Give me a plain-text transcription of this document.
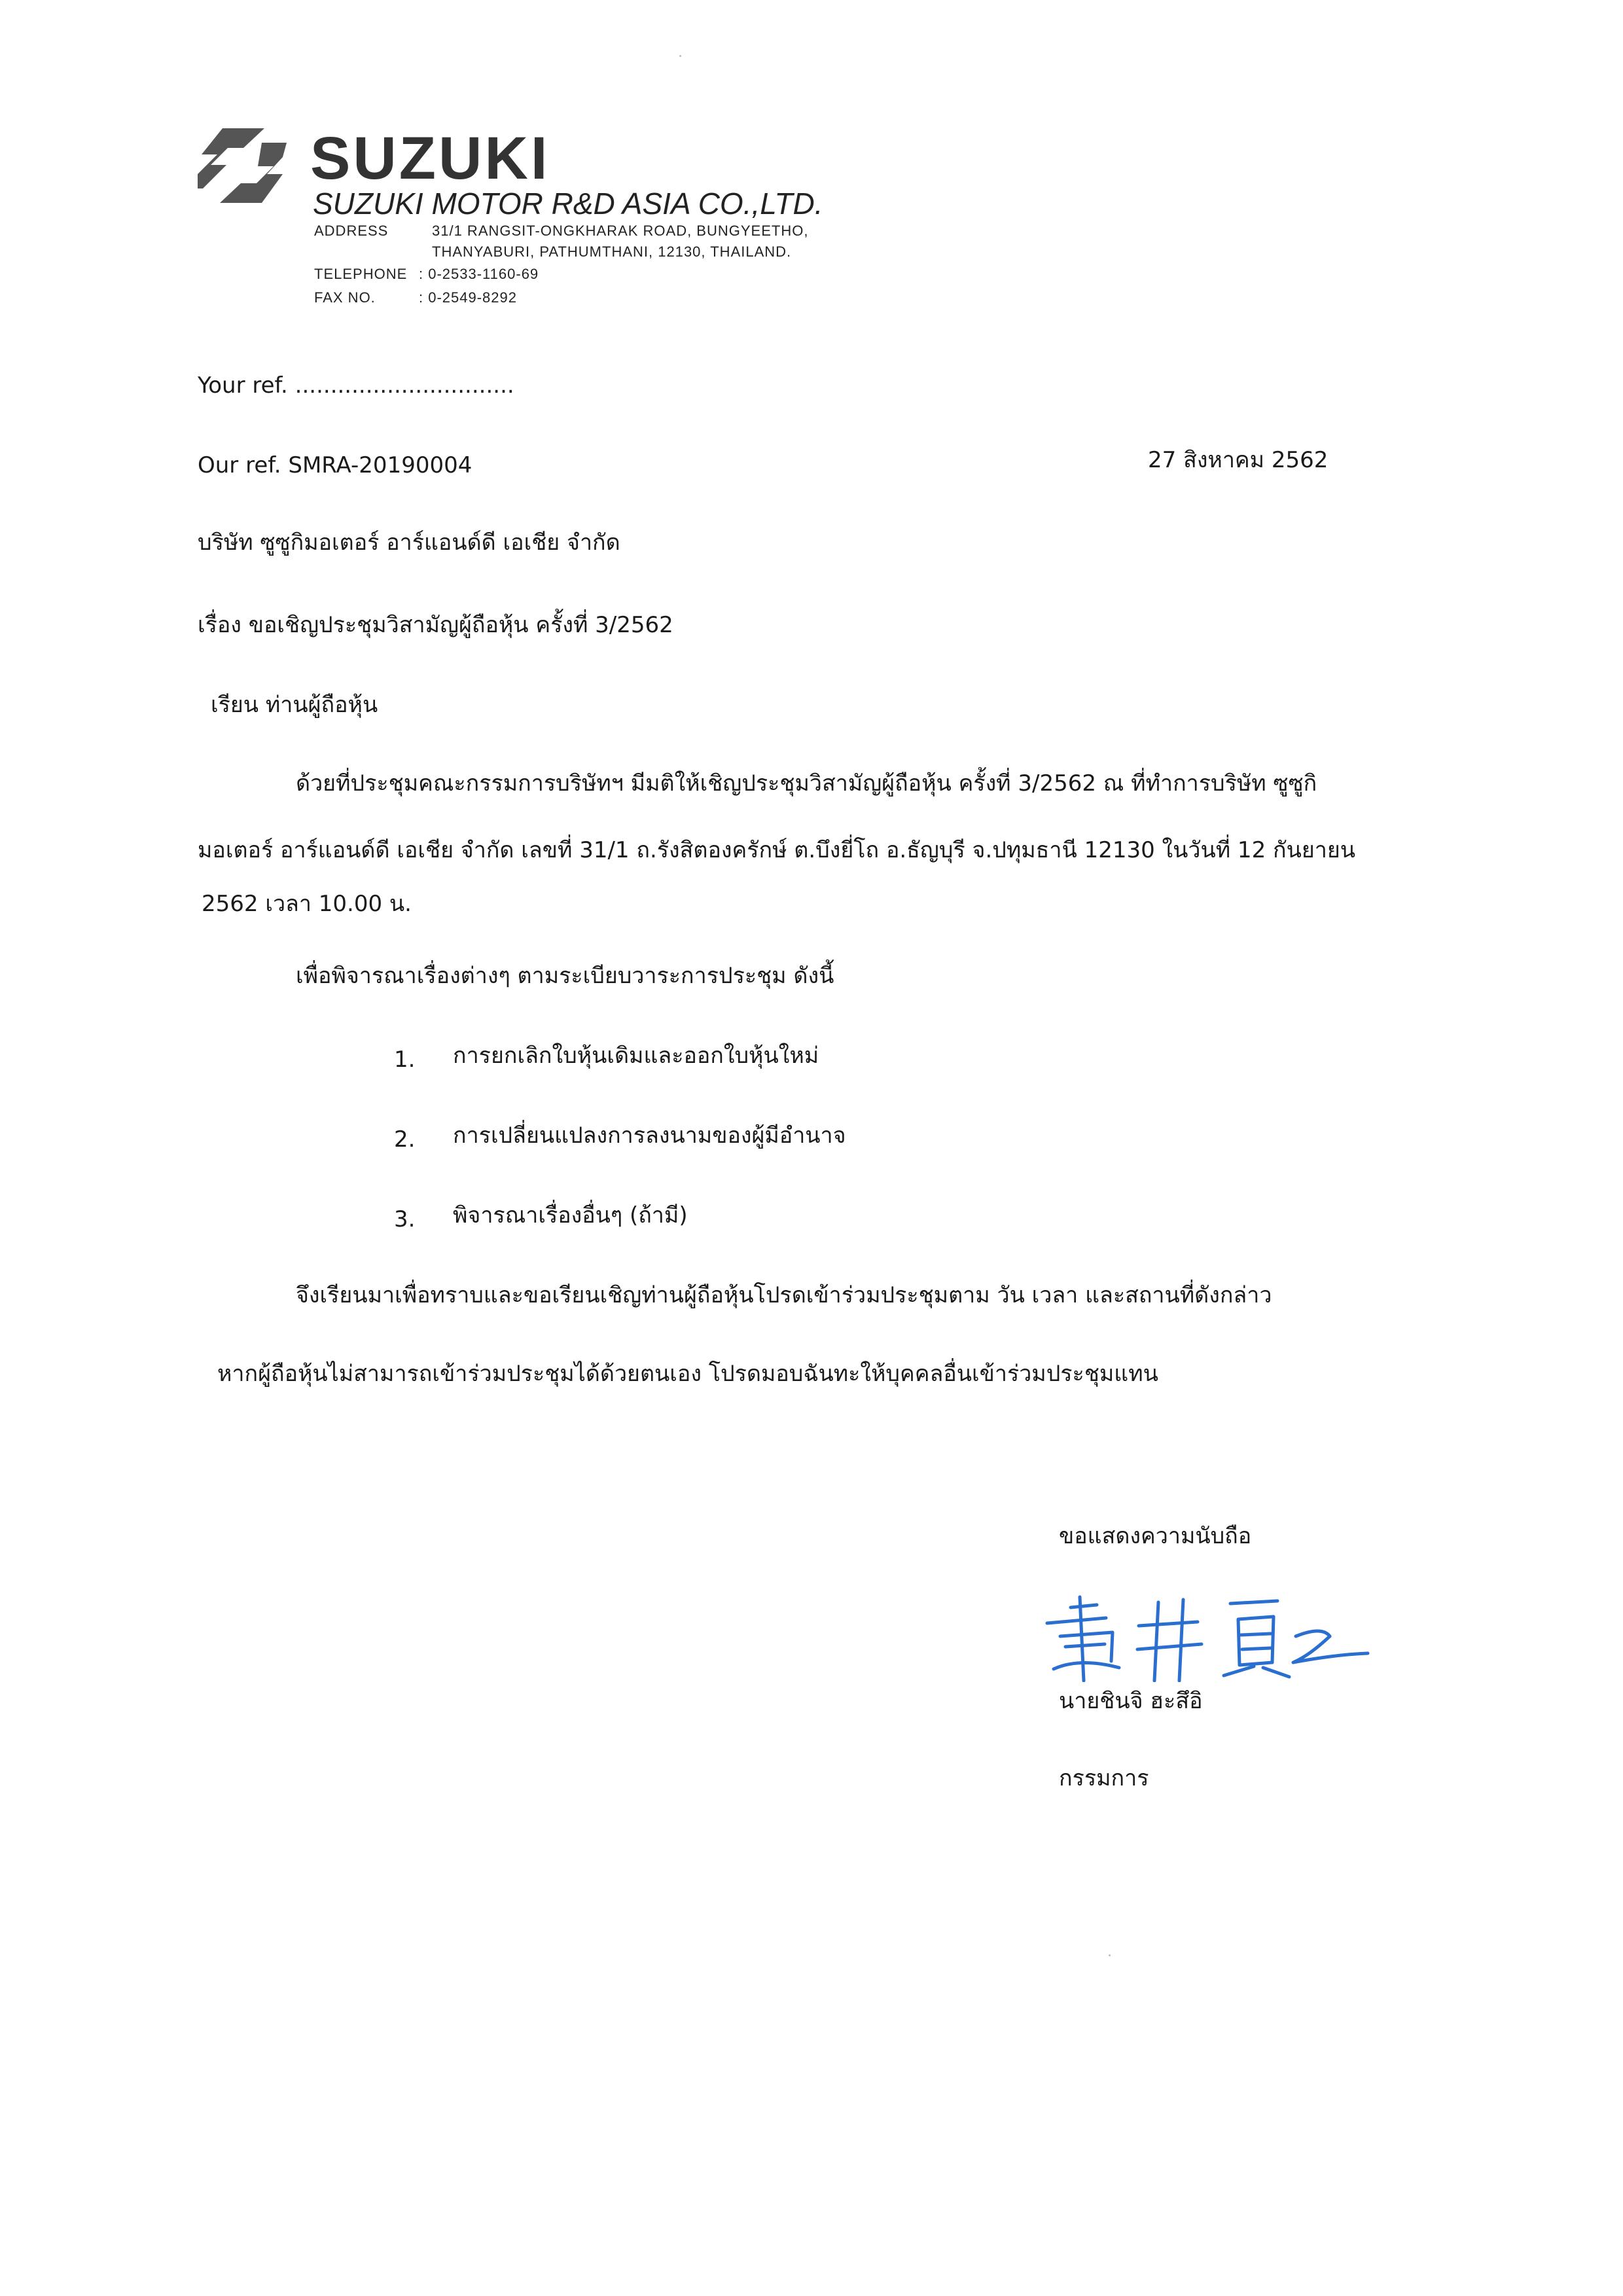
SUZUKI
SUZUKI MOTOR R&D ASIA CO.,LTD.
ADDRESS	31/1 RANGSIT-ONGKHARAK ROAD, BUNGYEETHO,
THANYABURI, PATHUMTHANI, 12130, THAILAND.
TELEPHONE : 0-2533-1160-69
FAX NO.	: 0-2549-8292
Your ref. ...............................
Our ref. SMRA-20190004	27 สิงหาคม 2562
บริษัท ซูซูกิมอเตอร์ อาร์แอนด์ดี เอเชีย จำกัด
เรื่อง ขอเชิญประชุมวิสามัญผู้ถือหุ้น ครั้งที่ 3/2562
เรียน ท่านผู้ถือหุ้น
ด้วยที่ประชุมคณะกรรมการบริษัทฯ มีมติให้เชิญประชุมวิสามัญผู้ถือหุ้น ครั้งที่ 3/2562 ณ ที่ทำการบริษัท ซูซูกิ
มอเตอร์ อาร์แอนด์ดี เอเชีย จำกัด เลขที่ 31/1 ถ.รังสิตองครักษ์ ต.บึงยี่โถ อ.ธัญบุรี จ.ปทุมธานี 12130 ในวันที่ 12 กันยายน
2562 เวลา 10.00 น.
เพื่อพิจารณาเรื่องต่างๆ ตามระเบียบวาระการประชุม ดังนี้
1. การยกเลิกใบหุ้นเดิมและออกใบหุ้นใหม่
2. การเปลี่ยนแปลงการลงนามของผู้มีอำนาจ
3. พิจารณาเรื่องอื่นๆ (ถ้ามี)
จึงเรียนมาเพื่อทราบและขอเรียนเชิญท่านผู้ถือหุ้นโปรดเข้าร่วมประชุมตาม วัน เวลา และสถานที่ดังกล่าว
หากผู้ถือหุ้นไม่สามารถเข้าร่วมประชุมได้ด้วยตนเอง โปรดมอบฉันทะให้บุคคลอื่นเข้าร่วมประชุมแทน
ขอแสดงความนับถือ
นายชินจิ ฮะสึอิ
กรรมการ
